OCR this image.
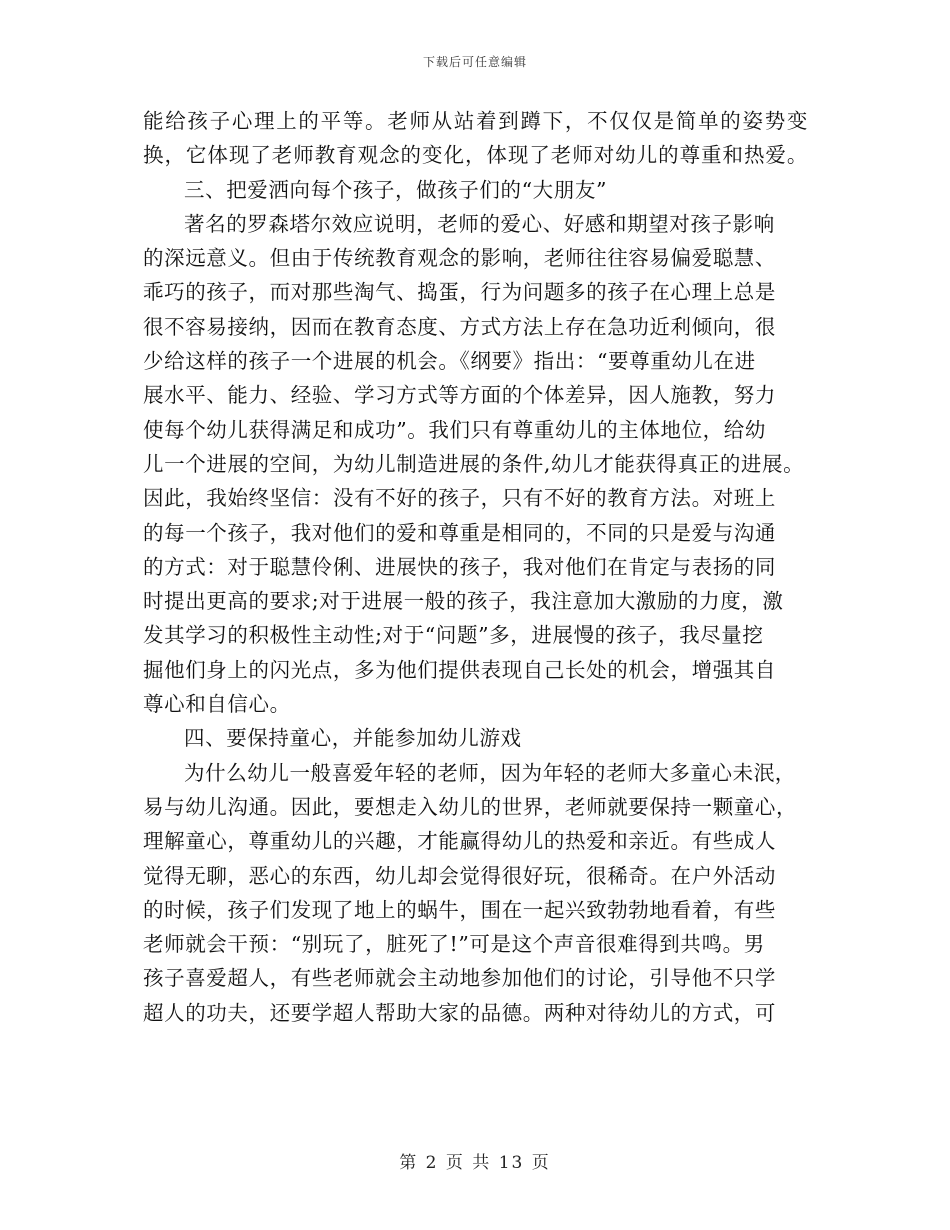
下载后可任意编辑
能给孩子心理上的平等。老师从站着到蹲下，不仅仅是简单的姿势变
换，它体现了老师教育观念的变化，体现了老师对幼儿的尊重和热爱。
三、把爱洒向每个孩子，做孩子们的“大朋友”
著名的罗森塔尔效应说明，老师的爱心、好感和期望对孩子影响
的深远意义。但由于传统教育观念的影响，老师往往容易偏爱聪慧、
乖巧的孩子，而对那些淘气、捣蛋，行为问题多的孩子在心理上总是
很不容易接纳，因而在教育态度、方式方法上存在急功近利倾向，很
少给这样的孩子一个进展的机会。《纲要》指出：“要尊重幼儿在进
展水平、能力、经验、学习方式等方面的个体差异，因人施教，努力
使每个幼儿获得满足和成功”。我们只有尊重幼儿的主体地位，给幼
儿一个进展的空间，为幼儿制造进展的条件,幼儿才能获得真正的进展。
因此，我始终坚信：没有不好的孩子，只有不好的教育方法。对班上
的每一个孩子，我对他们的爱和尊重是相同的，不同的只是爱与沟通
的方式：对于聪慧伶俐、进展快的孩子，我对他们在肯定与表扬的同
时提出更高的要求;对于进展一般的孩子，我注意加大激励的力度，激
发其学习的积极性主动性;对于“问题”多，进展慢的孩子，我尽量挖
掘他们身上的闪光点，多为他们提供表现自己长处的机会，增强其自
尊心和自信心。
四、要保持童心，并能参加幼儿游戏
为什么幼儿一般喜爱年轻的老师，因为年轻的老师大多童心未泯，
易与幼儿沟通。因此，要想走入幼儿的世界，老师就要保持一颗童心，
理解童心，尊重幼儿的兴趣，才能赢得幼儿的热爱和亲近。有些成人
觉得无聊，恶心的东西，幼儿却会觉得很好玩，很稀奇。在户外活动
的时候，孩子们发现了地上的蜗牛，围在一起兴致勃勃地看着，有些
老师就会干预：“别玩了，脏死了!”可是这个声音很难得到共鸣。男
孩子喜爱超人，有些老师就会主动地参加他们的讨论，引导他不只学
超人的功夫，还要学超人帮助大家的品德。两种对待幼儿的方式，可
第 2 页 共 13 页
